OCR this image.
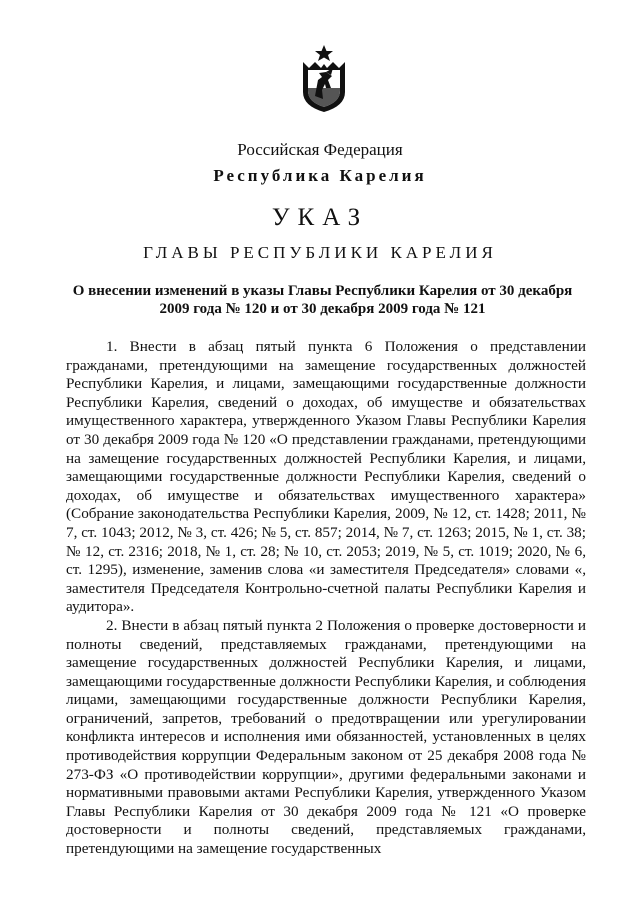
Российская Федерация
Республика Карелия
УКАЗ
ГЛАВЫ РЕСПУБЛИКИ КАРЕЛИЯ
О внесении изменений в указы Главы Республики Карелия от 30 декабря 2009 года № 120 и от 30 декабря 2009 года № 121

1. Внести в абзац пятый пункта 6 Положения о представлении гражданами, претендующими на замещение государственных должностей Республики Карелия, и лицами, замещающими государственные должности Республики Карелия, сведений о доходах, об имуществе и обязательствах имущественного характера, утвержденного Указом Главы Республики Карелия от 30 декабря 2009 года № 120 «О представлении гражданами, претендующими на замещение государственных должностей Республики Карелия, и лицами, замещающими государственные должности Республики Карелия, сведений о доходах, об имуществе и обязательствах имущественного характера» (Собрание законодательства Республики Карелия, 2009, № 12, ст. 1428; 2011, № 7, ст. 1043; 2012, № 3, ст. 426; № 5, ст. 857; 2014, № 7, ст. 1263; 2015, № 1, ст. 38; № 12, ст. 2316; 2018, № 1, ст. 28; № 10, ст. 2053; 2019, № 5, ст. 1019; 2020, № 6, ст. 1295), изменение, заменив слова «и заместителя Председателя» словами «, заместителя Председателя Контрольно-счетной палаты Республики Карелия и аудитора».

2. Внести в абзац пятый пункта 2 Положения о проверке достоверности и полноты сведений, представляемых гражданами, претендующими на замещение государственных должностей Республики Карелия, и лицами, замещающими государственные должности Республики Карелия, и соблюдения лицами, замещающими государственные должности Республики Карелия, ограничений, запретов, требований о предотвращении или урегулировании конфликта интересов и исполнения ими обязанностей, установленных в целях противодействия коррупции Федеральным законом от 25 декабря 2008 года № 273-ФЗ «О противодействии коррупции», другими федеральными законами и нормативными правовыми актами Республики Карелия, утвержденного Указом Главы Республики Карелия от 30 декабря 2009 года № 121 «О проверке достоверности и полноты сведений, представляемых гражданами, претендующими на замещение государственных
